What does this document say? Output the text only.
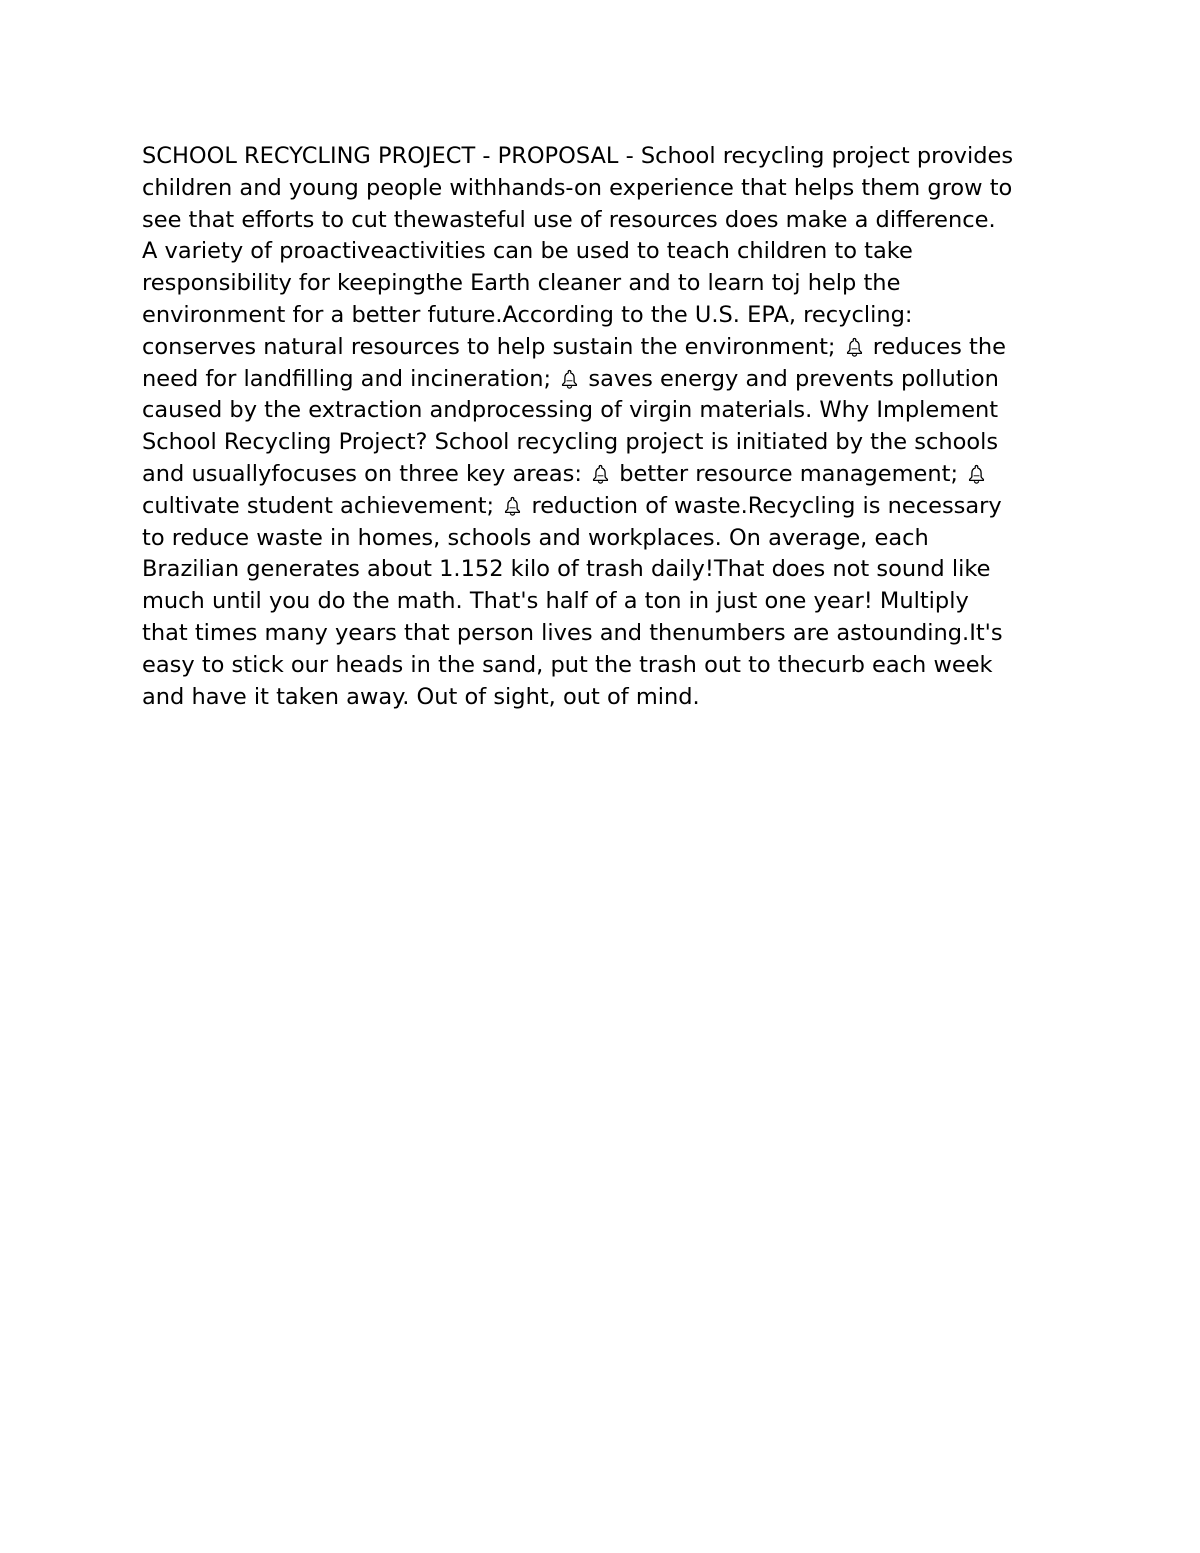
SCHOOL RECYCLING PROJECT - PROPOSAL - School recycling project provides
children and young people withhands-on experience that helps them grow to
see that efforts to cut thewasteful use of resources does make a difference.
A variety of proactiveactivities can be used to teach children to take
responsibility for keepingthe Earth cleaner and to learn toj help the
environment for a better future.According to the U.S. EPA, recycling:
conserves natural resources to help sustain the environment;
reduces the
need for landfilling and incineration;
saves energy and prevents pollution
caused by the extraction andprocessing of virgin materials. Why Implement
School Recycling Project? School recycling project is initiated by the schools
and usuallyfocuses on three key areas:
better resource management;
cultivate student achievement;
reduction of waste.Recycling is necessary
to reduce waste in homes, schools and workplaces. On average, each
Brazilian generates about 1.152 kilo of trash daily!That does not sound like
much until you do the math. That's half of a ton in just one year! Multiply
that times many years that person lives and thenumbers are astounding.It's
easy to stick our heads in the sand, put the trash out to thecurb each week
and have it taken away. Out of sight, out of mind.
